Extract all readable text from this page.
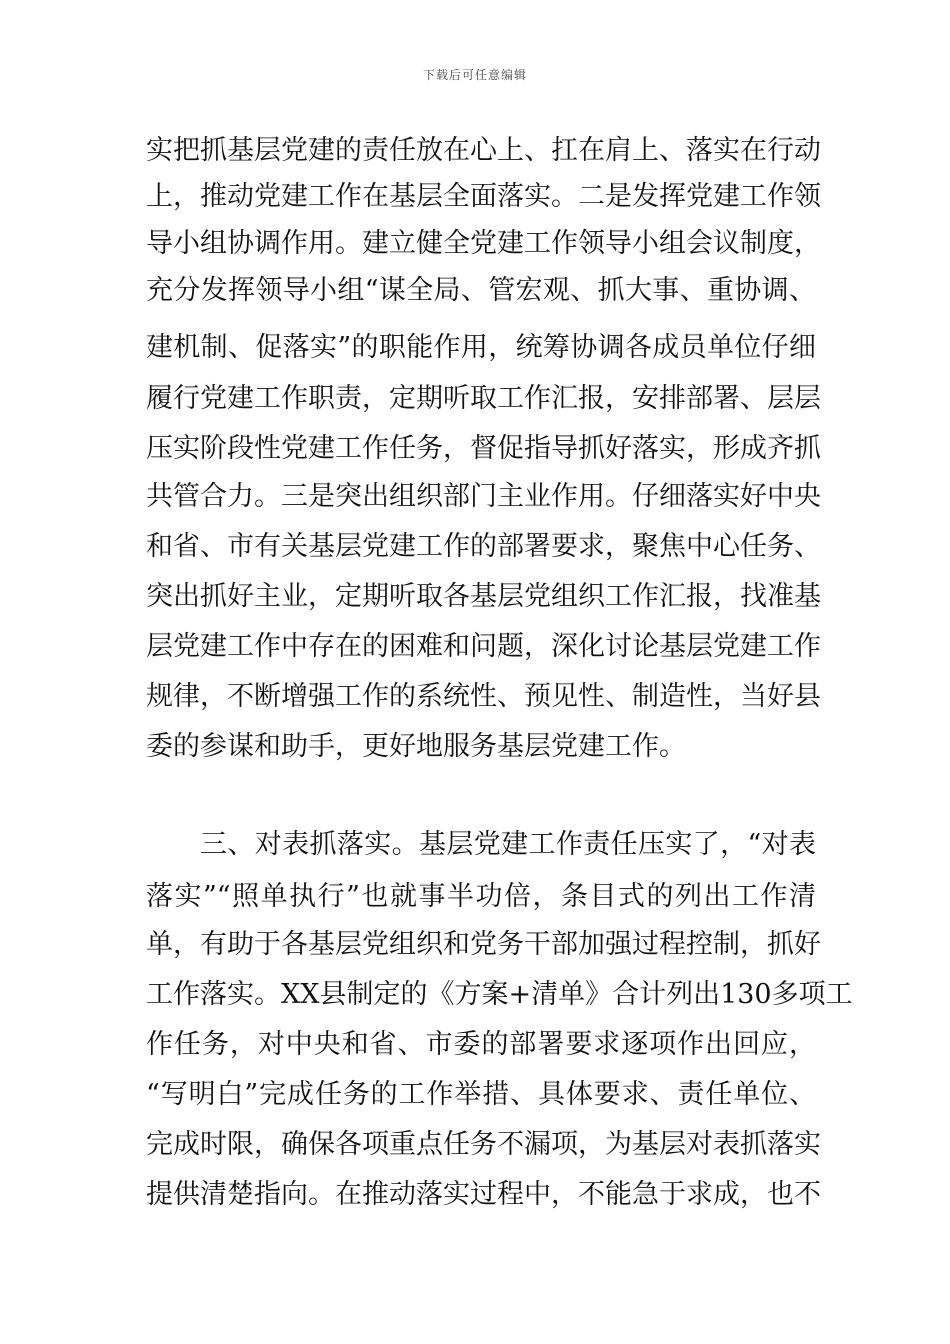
下载后可任意编辑
实把抓基层党建的责任放在心上、扛在肩上、落实在行动
上，推动党建工作在基层全面落实。二是发挥党建工作领
导小组协调作用。建立健全党建工作领导小组会议制度，
充分发挥领导小组“谋全局、管宏观、抓大事、重协调、
建机制、促落实”的职能作用，统筹协调各成员单位仔细
履行党建工作职责，定期听取工作汇报，安排部署、层层
压实阶段性党建工作任务，督促指导抓好落实，形成齐抓
共管合力。三是突出组织部门主业作用。仔细落实好中央
和省、市有关基层党建工作的部署要求，聚焦中心任务、
突出抓好主业，定期听取各基层党组织工作汇报，找准基
层党建工作中存在的困难和问题，深化讨论基层党建工作
规律，不断增强工作的系统性、预见性、制造性，当好县
委的参谋和助手，更好地服务基层党建工作。
三、对表抓落实。基层党建工作责任压实了，“对表
落实”“照单执行”也就事半功倍，条目式的列出工作清
单，有助于各基层党组织和党务干部加强过程控制，抓好
工作落实。XX县制定的《方案+清单》合计列出130多项工
作任务，对中央和省、市委的部署要求逐项作出回应，
“写明白”完成任务的工作举措、具体要求、责任单位、
完成时限，确保各项重点任务不漏项，为基层对表抓落实
提供清楚指向。在推动落实过程中，不能急于求成，也不
